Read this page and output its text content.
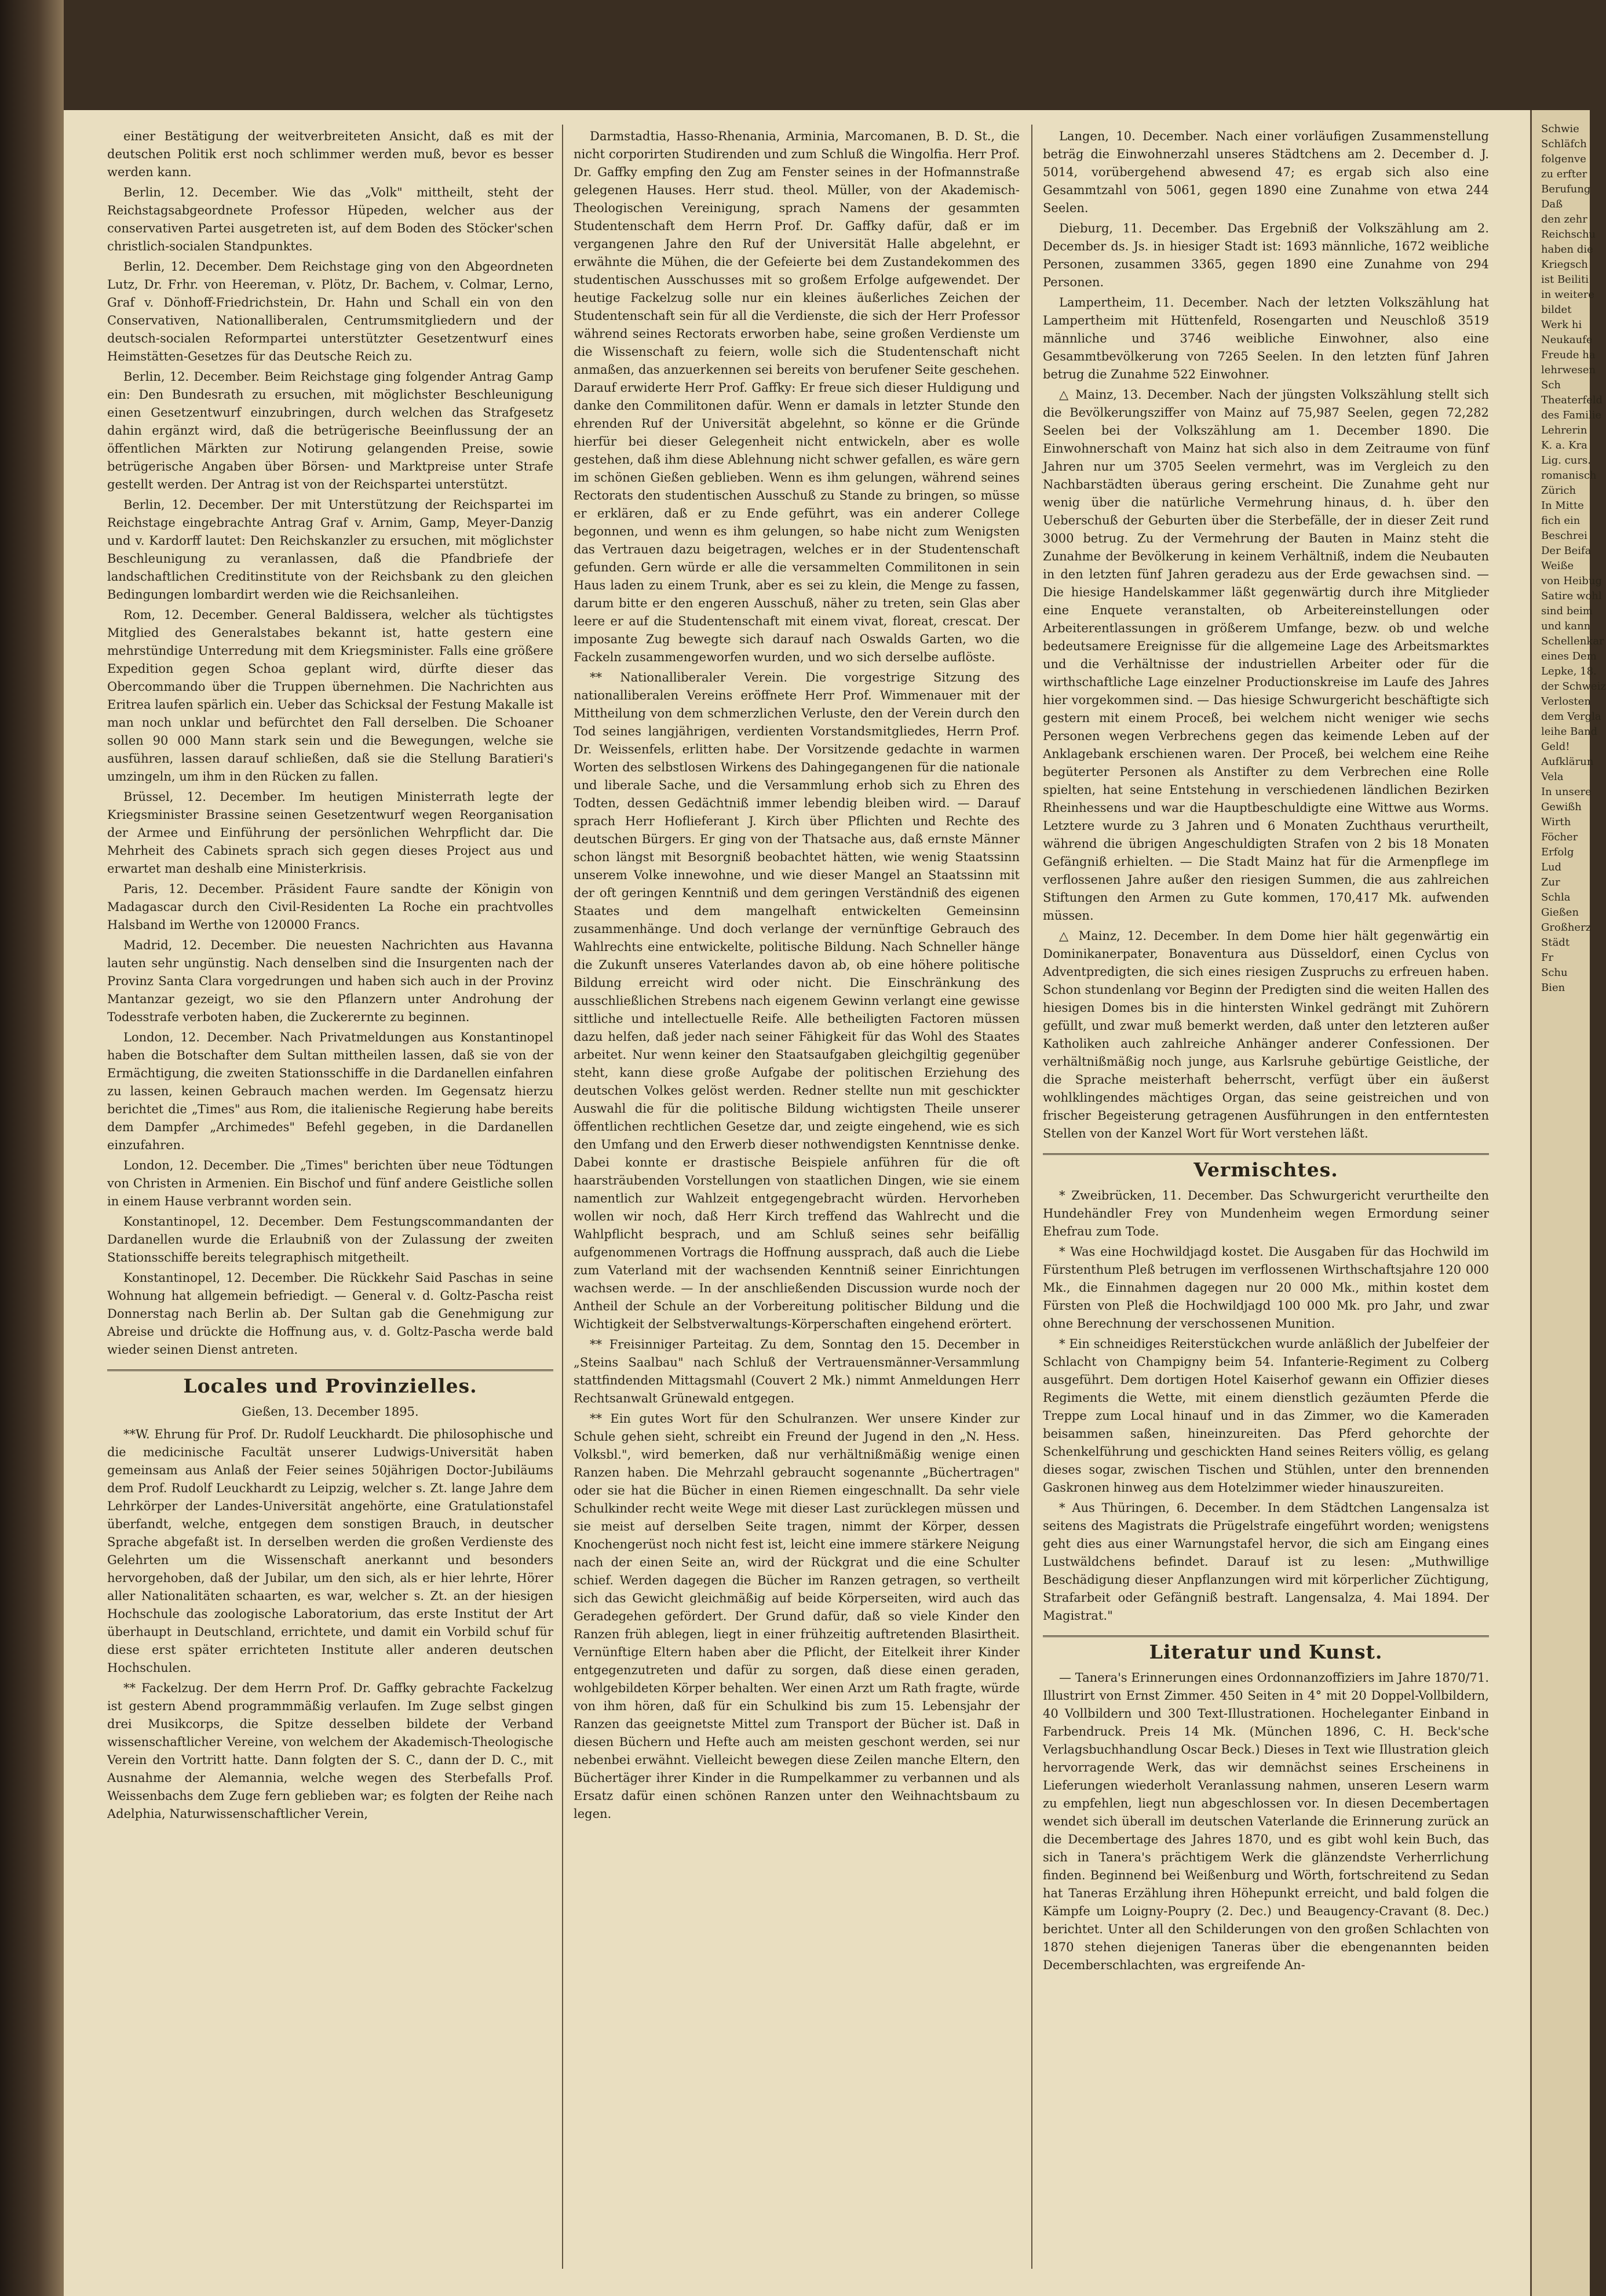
einer Bestätigung der weitverbreiteten Ansicht, daß es mit der deutschen Politik erst noch schlimmer werden muß, bevor es besser werden kann.

Berlin, 12. December. Wie das „Volk" mittheilt, steht der Reichstagsabgeordnete Professor Hüpeden, welcher aus der conservativen Partei ausgetreten ist, auf dem Boden des Stöcker'schen christlich-socialen Standpunktes.

Berlin, 12. December. Dem Reichstage ging von den Abgeordneten Lutz, Dr. Frhr. von Heereman, v. Plötz, Dr. Bachem, v. Colmar, Lerno, Graf v. Dönhoff-Friedrichstein, Dr. Hahn und Schall ein von den Conservativen, Nationalliberalen, Centrumsmitgliedern und der deutsch-socialen Reformpartei unterstützter Gesetzentwurf eines Heimstätten-Gesetzes für das Deutsche Reich zu.

Berlin, 12. December. Beim Reichstage ging folgender Antrag Gamp ein: Den Bundesrath zu ersuchen, mit möglichster Beschleunigung einen Gesetzentwurf einzubringen, durch welchen das Strafgesetz dahin ergänzt wird, daß die betrügerische Beeinflussung der an öffentlichen Märkten zur Notirung gelangenden Preise, sowie betrügerische Angaben über Börsen- und Marktpreise unter Strafe gestellt werden. Der Antrag ist von der Reichspartei unterstützt.

Berlin, 12. December. Der mit Unterstützung der Reichspartei im Reichstage eingebrachte Antrag Graf v. Arnim, Gamp, Meyer-Danzig und v. Kardorff lautet: Den Reichskanzler zu ersuchen, mit möglichster Beschleunigung zu veranlassen, daß die Pfandbriefe der landschaftlichen Creditinstitute von der Reichsbank zu den gleichen Bedingungen lombardirt werden wie die Reichsanleihen.

Rom, 12. December. General Baldissera, welcher als tüchtigstes Mitglied des Generalstabes bekannt ist, hatte gestern eine mehrstündige Unterredung mit dem Kriegsminister. Falls eine größere Expedition gegen Schoa geplant wird, dürfte dieser das Obercommando über die Truppen übernehmen. Die Nachrichten aus Eritrea laufen spärlich ein. Ueber das Schicksal der Festung Makalle ist man noch unklar und befürchtet den Fall derselben. Die Schoaner sollen 90 000 Mann stark sein und die Bewegungen, welche sie ausführen, lassen darauf schließen, daß sie die Stellung Baratieri's umzingeln, um ihm in den Rücken zu fallen.

Brüssel, 12. December. Im heutigen Ministerrath legte der Kriegsminister Brassine seinen Gesetzentwurf wegen Reorganisation der Armee und Einführung der persönlichen Wehrpflicht dar. Die Mehrheit des Cabinets sprach sich gegen dieses Project aus und erwartet man deshalb eine Ministerkrisis.

Paris, 12. December. Präsident Faure sandte der Königin von Madagascar durch den Civil-Residenten La Roche ein prachtvolles Halsband im Werthe von 120000 Francs.

Madrid, 12. December. Die neuesten Nachrichten aus Havanna lauten sehr ungünstig. Nach denselben sind die Insurgenten nach der Provinz Santa Clara vorgedrungen und haben sich auch in der Provinz Mantanzar gezeigt, wo sie den Pflanzern unter Androhung der Todesstrafe verboten haben, die Zuckerernte zu beginnen.

London, 12. December. Nach Privatmeldungen aus Konstantinopel haben die Botschafter dem Sultan mittheilen lassen, daß sie von der Ermächtigung, die zweiten Stationsschiffe in die Dardanellen einfahren zu lassen, keinen Gebrauch machen werden. Im Gegensatz hierzu berichtet die „Times" aus Rom, die italienische Regierung habe bereits dem Dampfer „Archimedes" Befehl gegeben, in die Dardanellen einzufahren.

London, 12. December. Die „Times" berichten über neue Tödtungen von Christen in Armenien. Ein Bischof und fünf andere Geistliche sollen in einem Hause verbrannt worden sein.

Konstantinopel, 12. December. Dem Festungscommandanten der Dardanellen wurde die Erlaubniß von der Zulassung der zweiten Stationsschiffe bereits telegraphisch mitgetheilt.

Konstantinopel, 12. December. Die Rückkehr Said Paschas in seine Wohnung hat allgemein befriedigt. — General v. d. Goltz-Pascha reist Donnerstag nach Berlin ab. Der Sultan gab die Genehmigung zur Abreise und drückte die Hoffnung aus, v. d. Goltz-Pascha werde bald wieder seinen Dienst antreten.

Locales und Provinzielles.

Gießen, 13. December 1895.

**W. Ehrung für Prof. Dr. Rudolf Leuckhardt. Die philosophische und die medicinische Facultät unserer Ludwigs-Universität haben gemeinsam aus Anlaß der Feier seines 50jährigen Doctor-Jubiläums dem Prof. Rudolf Leuckhardt zu Leipzig, welcher s. Zt. lange Jahre dem Lehrkörper der Landes-Universität angehörte, eine Gratulationstafel überfandt, welche, entgegen dem sonstigen Brauch, in deutscher Sprache abgefaßt ist. In derselben werden die großen Verdienste des Gelehrten um die Wissenschaft anerkannt und besonders hervorgehoben, daß der Jubilar, um den sich, als er hier lehrte, Hörer aller Nationalitäten schaarten, es war, welcher s. Zt. an der hiesigen Hochschule das zoologische Laboratorium, das erste Institut der Art überhaupt in Deutschland, errichtete, und damit ein Vorbild schuf für diese erst später errichteten Institute aller anderen deutschen Hochschulen.

** Fackelzug. Der dem Herrn Prof. Dr. Gaffky gebrachte Fackelzug ist gestern Abend programmmäßig verlaufen. Im Zuge selbst gingen drei Musikcorps, die Spitze desselben bildete der Verband wissenschaftlicher Vereine, von welchem der Akademisch-Theologische Verein den Vortritt hatte. Dann folgten der S. C., dann der D. C., mit Ausnahme der Alemannia, welche wegen des Sterbefalls Prof. Weissenbachs dem Zuge fern geblieben war; es folgten der Reihe nach Adelphia, Naturwissenschaftlicher Verein,

Darmstadtia, Hasso-Rhenania, Arminia, Marcomanen, B. D. St., die nicht corporirten Studirenden und zum Schluß die Wingolfia. Herr Prof. Dr. Gaffky empfing den Zug am Fenster seines in der Hofmannstraße gelegenen Hauses. Herr stud. theol. Müller, von der Akademisch-Theologischen Vereinigung, sprach Namens der gesammten Studentenschaft dem Herrn Prof. Dr. Gaffky dafür, daß er im vergangenen Jahre den Ruf der Universität Halle abgelehnt, er erwähnte die Mühen, die der Gefeierte bei dem Zustandekommen des studentischen Ausschusses mit so großem Erfolge aufgewendet. Der heutige Fackelzug solle nur ein kleines äußerliches Zeichen der Studentenschaft sein für all die Verdienste, die sich der Herr Professor während seines Rectorats erworben habe, seine großen Verdienste um die Wissenschaft zu feiern, wolle sich die Studentenschaft nicht anmaßen, das anzuerkennen sei bereits von berufener Seite geschehen. Darauf erwiderte Herr Prof. Gaffky: Er freue sich dieser Huldigung und danke den Commilitonen dafür. Wenn er damals in letzter Stunde den ehrenden Ruf der Universität abgelehnt, so könne er die Gründe hierfür bei dieser Gelegenheit nicht entwickeln, aber es wolle gestehen, daß ihm diese Ablehnung nicht schwer gefallen, es wäre gern im schönen Gießen geblieben. Wenn es ihm gelungen, während seines Rectorats den studentischen Ausschuß zu Stande zu bringen, so müsse er erklären, daß er zu Ende geführt, was ein anderer College begonnen, und wenn es ihm gelungen, so habe nicht zum Wenigsten das Vertrauen dazu beigetragen, welches er in der Studentenschaft gefunden. Gern würde er alle die versammelten Commilitonen in sein Haus laden zu einem Trunk, aber es sei zu klein, die Menge zu fassen, darum bitte er den engeren Ausschuß, näher zu treten, sein Glas aber leere er auf die Studentenschaft mit einem vivat, floreat, crescat. Der imposante Zug bewegte sich darauf nach Oswalds Garten, wo die Fackeln zusammengeworfen wurden, und wo sich derselbe auflöste.

** Nationalliberaler Verein. Die vorgestrige Sitzung des nationalliberalen Vereins eröffnete Herr Prof. Wimmenauer mit der Mittheilung von dem schmerzlichen Verluste, den der Verein durch den Tod seines langjährigen, verdienten Vorstandsmitgliedes, Herrn Prof. Dr. Weissenfels, erlitten habe. Der Vorsitzende gedachte in warmen Worten des selbstlosen Wirkens des Dahingegangenen für die nationale und liberale Sache, und die Versammlung erhob sich zu Ehren des Todten, dessen Gedächtniß immer lebendig bleiben wird. — Darauf sprach Herr Hoflieferant J. Kirch über Pflichten und Rechte des deutschen Bürgers. Er ging von der Thatsache aus, daß ernste Männer schon längst mit Besorgniß beobachtet hätten, wie wenig Staatssinn unserem Volke innewohne, und wie dieser Mangel an Staatssinn mit der oft geringen Kenntniß und dem geringen Verständniß des eigenen Staates und dem mangelhaft entwickelten Gemeinsinn zusammenhänge. Und doch verlange der vernünftige Gebrauch des Wahlrechts eine entwickelte, politische Bildung. Nach Schneller hänge die Zukunft unseres Vaterlandes davon ab, ob eine höhere politische Bildung erreicht wird oder nicht. Die Einschränkung des ausschließlichen Strebens nach eigenem Gewinn verlangt eine gewisse sittliche und intellectuelle Reife. Alle betheiligten Factoren müssen dazu helfen, daß jeder nach seiner Fähigkeit für das Wohl des Staates arbeitet. Nur wenn keiner den Staatsaufgaben gleichgiltig gegenüber steht, kann diese große Aufgabe der politischen Erziehung des deutschen Volkes gelöst werden. Redner stellte nun mit geschickter Auswahl die für die politische Bildung wichtigsten Theile unserer öffentlichen rechtlichen Gesetze dar, und zeigte eingehend, wie es sich den Umfang und den Erwerb dieser nothwendigsten Kenntnisse denke. Dabei konnte er drastische Beispiele anführen für die oft haarsträubenden Vorstellungen von staatlichen Dingen, wie sie einem namentlich zur Wahlzeit entgegengebracht würden. Hervorheben wollen wir noch, daß Herr Kirch treffend das Wahlrecht und die Wahlpflicht besprach, und am Schluß seines sehr beifällig aufgenommenen Vortrags die Hoffnung aussprach, daß auch die Liebe zum Vaterland mit der wachsenden Kenntniß seiner Einrichtungen wachsen werde. — In der anschließenden Discussion wurde noch der Antheil der Schule an der Vorbereitung politischer Bildung und die Wichtigkeit der Selbstverwaltungs-Körperschaften eingehend erörtert.

** Freisinniger Parteitag. Zu dem, Sonntag den 15. December in „Steins Saalbau" nach Schluß der Vertrauensmänner-Versammlung stattfindenden Mittagsmahl (Couvert 2 Mk.) nimmt Anmeldungen Herr Rechtsanwalt Grünewald entgegen.

** Ein gutes Wort für den Schulranzen. Wer unsere Kinder zur Schule gehen sieht, schreibt ein Freund der Jugend in den „N. Hess. Volksbl.", wird bemerken, daß nur verhältnißmäßig wenige einen Ranzen haben. Die Mehrzahl gebraucht sogenannte „Büchertragen" oder sie hat die Bücher in einen Riemen eingeschnallt. Da sehr viele Schulkinder recht weite Wege mit dieser Last zurücklegen müssen und sie meist auf derselben Seite tragen, nimmt der Körper, dessen Knochengerüst noch nicht fest ist, leicht eine immere stärkere Neigung nach der einen Seite an, wird der Rückgrat und die eine Schulter schief. Werden dagegen die Bücher im Ranzen getragen, so vertheilt sich das Gewicht gleichmäßig auf beide Körperseiten, wird auch das Geradegehen gefördert. Der Grund dafür, daß so viele Kinder den Ranzen früh ablegen, liegt in einer frühzeitig auftretenden Blasirtheit. Vernünftige Eltern haben aber die Pflicht, der Eitelkeit ihrer Kinder entgegenzutreten und dafür zu sorgen, daß diese einen geraden, wohlgebildeten Körper behalten. Wer einen Arzt um Rath fragte, würde von ihm hören, daß für ein Schulkind bis zum 15. Lebensjahr der Ranzen das geeignetste Mittel zum Transport der Bücher ist. Daß in diesen Büchern und Hefte auch am meisten geschont werden, sei nur nebenbei erwähnt. Vielleicht bewegen diese Zeilen manche Eltern, den Büchertäger ihrer Kinder in die Rumpelkammer zu verbannen und als Ersatz dafür einen schönen Ranzen unter den Weihnachtsbaum zu legen.

Langen, 10. December. Nach einer vorläufigen Zusammenstellung beträg die Einwohnerzahl unseres Städtchens am 2. December d. J. 5014, vorübergehend abwesend 47; es ergab sich also eine Gesammtzahl von 5061, gegen 1890 eine Zunahme von etwa 244 Seelen.

Dieburg, 11. December. Das Ergebniß der Volkszählung am 2. December ds. Js. in hiesiger Stadt ist: 1693 männliche, 1672 weibliche Personen, zusammen 3365, gegen 1890 eine Zunahme von 294 Personen.

Lampertheim, 11. December. Nach der letzten Volkszählung hat Lampertheim mit Hüttenfeld, Rosengarten und Neuschloß 3519 männliche und 3746 weibliche Einwohner, also eine Gesammtbevölkerung von 7265 Seelen. In den letzten fünf Jahren betrug die Zunahme 522 Einwohner.

△ Mainz, 13. December. Nach der jüngsten Volkszählung stellt sich die Bevölkerungsziffer von Mainz auf 75,987 Seelen, gegen 72,282 Seelen bei der Volkszählung am 1. December 1890. Die Einwohnerschaft von Mainz hat sich also in dem Zeitraume von fünf Jahren nur um 3705 Seelen vermehrt, was im Vergleich zu den Nachbarstädten überaus gering erscheint. Die Zunahme geht nur wenig über die natürliche Vermehrung hinaus, d. h. über den Ueberschuß der Geburten über die Sterbefälle, der in dieser Zeit rund 3000 betrug. Zu der Vermehrung der Bauten in Mainz steht die Zunahme der Bevölkerung in keinem Verhältniß, indem die Neubauten in den letzten fünf Jahren geradezu aus der Erde gewachsen sind. — Die hiesige Handelskammer läßt gegenwärtig durch ihre Mitglieder eine Enquete veranstalten, ob Arbeitereinstellungen oder Arbeiterentlassungen in größerem Umfange, bezw. ob und welche bedeutsamere Ereignisse für die allgemeine Lage des Arbeitsmarktes und die Verhältnisse der industriellen Arbeiter oder für die wirthschaftliche Lage einzelner Productionskreise im Laufe des Jahres hier vorgekommen sind. — Das hiesige Schwurgericht beschäftigte sich gestern mit einem Proceß, bei welchem nicht weniger wie sechs Personen wegen Verbrechens gegen das keimende Leben auf der Anklagebank erschienen waren. Der Proceß, bei welchem eine Reihe begüterter Personen als Anstifter zu dem Verbrechen eine Rolle spielten, hat seine Entstehung in verschiedenen ländlichen Bezirken Rheinhessens und war die Hauptbeschuldigte eine Wittwe aus Worms. Letztere wurde zu 3 Jahren und 6 Monaten Zuchthaus verurtheilt, während die übrigen Angeschuldigten Strafen von 2 bis 18 Monaten Gefängniß erhielten. — Die Stadt Mainz hat für die Armenpflege im verflossenen Jahre außer den riesigen Summen, die aus zahlreichen Stiftungen den Armen zu Gute kommen, 170,417 Mk. aufwenden müssen.

△ Mainz, 12. December. In dem Dome hier hält gegenwärtig ein Dominikanerpater, Bonaventura aus Düsseldorf, einen Cyclus von Adventpredigten, die sich eines riesigen Zuspruchs zu erfreuen haben. Schon stundenlang vor Beginn der Predigten sind die weiten Hallen des hiesigen Domes bis in die hintersten Winkel gedrängt mit Zuhörern gefüllt, und zwar muß bemerkt werden, daß unter den letzteren außer Katholiken auch zahlreiche Anhänger anderer Confessionen. Der verhältnißmäßig noch junge, aus Karlsruhe gebürtige Geistliche, der die Sprache meisterhaft beherrscht, verfügt über ein äußerst wohlklingendes mächtiges Organ, das seine geistreichen und von frischer Begeisterung getragenen Ausführungen in den entferntesten Stellen von der Kanzel Wort für Wort verstehen läßt.

Vermischtes.

* Zweibrücken, 11. December. Das Schwurgericht verurtheilte den Hundehändler Frey von Mundenheim wegen Ermordung seiner Ehefrau zum Tode.

* Was eine Hochwildjagd kostet. Die Ausgaben für das Hochwild im Fürstenthum Pleß betrugen im verflossenen Wirthschaftsjahre 120 000 Mk., die Einnahmen dagegen nur 20 000 Mk., mithin kostet dem Fürsten von Pleß die Hochwildjagd 100 000 Mk. pro Jahr, und zwar ohne Berechnung der verschossenen Munition.

* Ein schneidiges Reiterstückchen wurde anläßlich der Jubelfeier der Schlacht von Champigny beim 54. Infanterie-Regiment zu Colberg ausgeführt. Dem dortigen Hotel Kaiserhof gewann ein Offizier dieses Regiments die Wette, mit einem dienstlich gezäumten Pferde die Treppe zum Local hinauf und in das Zimmer, wo die Kameraden beisammen saßen, hineinzureiten. Das Pferd gehorchte der Schenkelführung und geschickten Hand seines Reiters völlig, es gelang dieses sogar, zwischen Tischen und Stühlen, unter den brennenden Gaskronen hinweg aus dem Hotelzimmer wieder hinauszureiten.

* Aus Thüringen, 6. December. In dem Städtchen Langensalza ist seitens des Magistrats die Prügelstrafe eingeführt worden; wenigstens geht dies aus einer Warnungstafel hervor, die sich am Eingang eines Lustwäldchens befindet. Darauf ist zu lesen: „Muthwillige Beschädigung dieser Anpflanzungen wird mit körperlicher Züchtigung, Strafarbeit oder Gefängniß bestraft. Langensalza, 4. Mai 1894. Der Magistrat."

Literatur und Kunst.

— Tanera's Erinnerungen eines Ordonnanzoffiziers im Jahre 1870/71. Illustrirt von Ernst Zimmer. 450 Seiten in 4° mit 20 Doppel-Vollbildern, 40 Vollbildern und 300 Text-Illustrationen. Hocheleganter Einband in Farbendruck. Preis 14 Mk. (München 1896, C. H. Beck'sche Verlagsbuchhandlung Oscar Beck.) Dieses in Text wie Illustration gleich hervorragende Werk, das wir demnächst seines Erscheinens in Lieferungen wiederholt Veranlassung nahmen, unseren Lesern warm zu empfehlen, liegt nun abgeschlossen vor. In diesen Decembertagen wendet sich überall im deutschen Vaterlande die Erinnerung zurück an die Decembertage des Jahres 1870, und es gibt wohl kein Buch, das sich in Tanera's prächtigem Werk die glänzendste Verherrlichung finden. Beginnend bei Weißenburg und Wörth, fortschreitend zu Sedan hat Taneras Erzählung ihren Höhepunkt erreicht, und bald folgen die Kämpfe um Loigny-Poupry (2. Dec.) und Beaugency-Cravant (8. Dec.) berichtet. Unter all den Schilderungen von den großen Schlachten von 1870 stehen diejenigen Taneras über die ebengenannten beiden Decemberschlachten, was ergreifende An-

Schwie
Schläfch
folgenve
zu erfter
Berufung
Daß
den zehr
Reichschu
haben die
Kriegsch
ist Beiliti
in weitere
bildet
Werk hi
Neukaufe
Freude ha
lehrwesen
Sch
Theaterfeld
des Familie
Lehrerin
K. a. Kra
Lig. curs.
romanisch
Zürich
In Mitte
fich ein
Beschrei
Der Beifa
Weiße
von Heibug
Satire wohl
sind beim
und kann
Schellenkar
eines Dem
Lepke, 18.
der Schweiz
Verlosten
dem Vergla
leihe Band
Geld!
Aufklärun
Vela
In unsere
Gewißh
Wirth
Föcher
Erfolg
Lud
Zur
Schla
Gießen
Großherz
Städt
Fr
Schu
Bien
